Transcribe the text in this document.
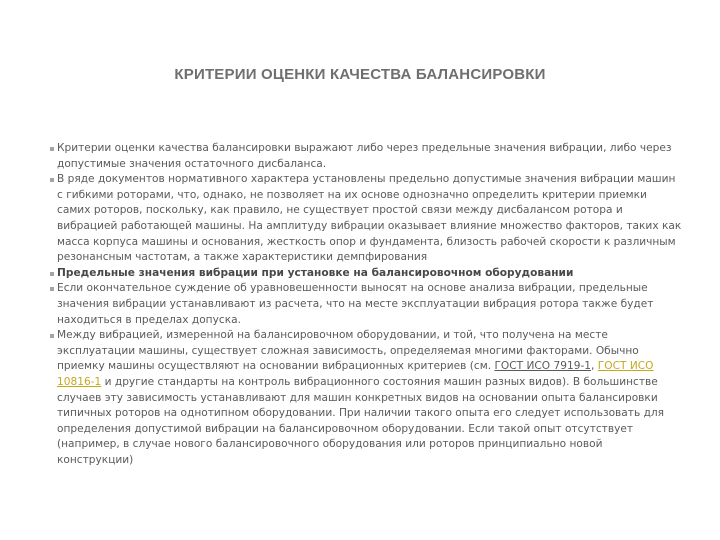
КРИТЕРИИ ОЦЕНКИ КАЧЕСТВА БАЛАНСИРОВКИ
Критерии оценки качества балансировки выражают либо через предельные значения вибрации, либо через допустимые значения остаточного дисбаланса.
В ряде документов нормативного характера установлены предельно допустимые значения вибрации машин с гибкими роторами, что, однако, не позволяет на их основе однозначно определить критерии приемки самих роторов, поскольку, как правило, не существует простой связи между дисбалансом ротора и вибрацией работающей машины. На амплитуду вибрации оказывает влияние множество факторов, таких как масса корпуса машины и основания, жесткость опор и фундамента, близость рабочей скорости к различным резонансным частотам, а также характеристики демпфирования
Предельные значения вибрации при установке на балансировочном оборудовании
Если окончательное суждение об уравновешенности выносят на основе анализа вибрации, предельные значения вибрации устанавливают из расчета, что на месте эксплуатации вибрация ротора также будет находиться в пределах допуска.
Между вибрацией, измеренной на балансировочном оборудовании, и той, что получена на месте эксплуатации машины, существует сложная зависимость, определяемая многими факторами. Обычно приемку машины осуществляют на основании вибрационных критериев (см. ГОСТ ИСО 7919-1, ГОСТ ИСО 10816-1 и другие стандарты на контроль вибрационного состояния машин разных видов). В большинстве случаев эту зависимость устанавливают для машин конкретных видов на основании опыта балансировки типичных роторов на однотипном оборудовании. При наличии такого опыта его следует использовать для определения допустимой вибрации на балансировочном оборудовании. Если такой опыт отсутствует (например, в случае нового балансировочного оборудования или роторов принципиально новой конструкции)
